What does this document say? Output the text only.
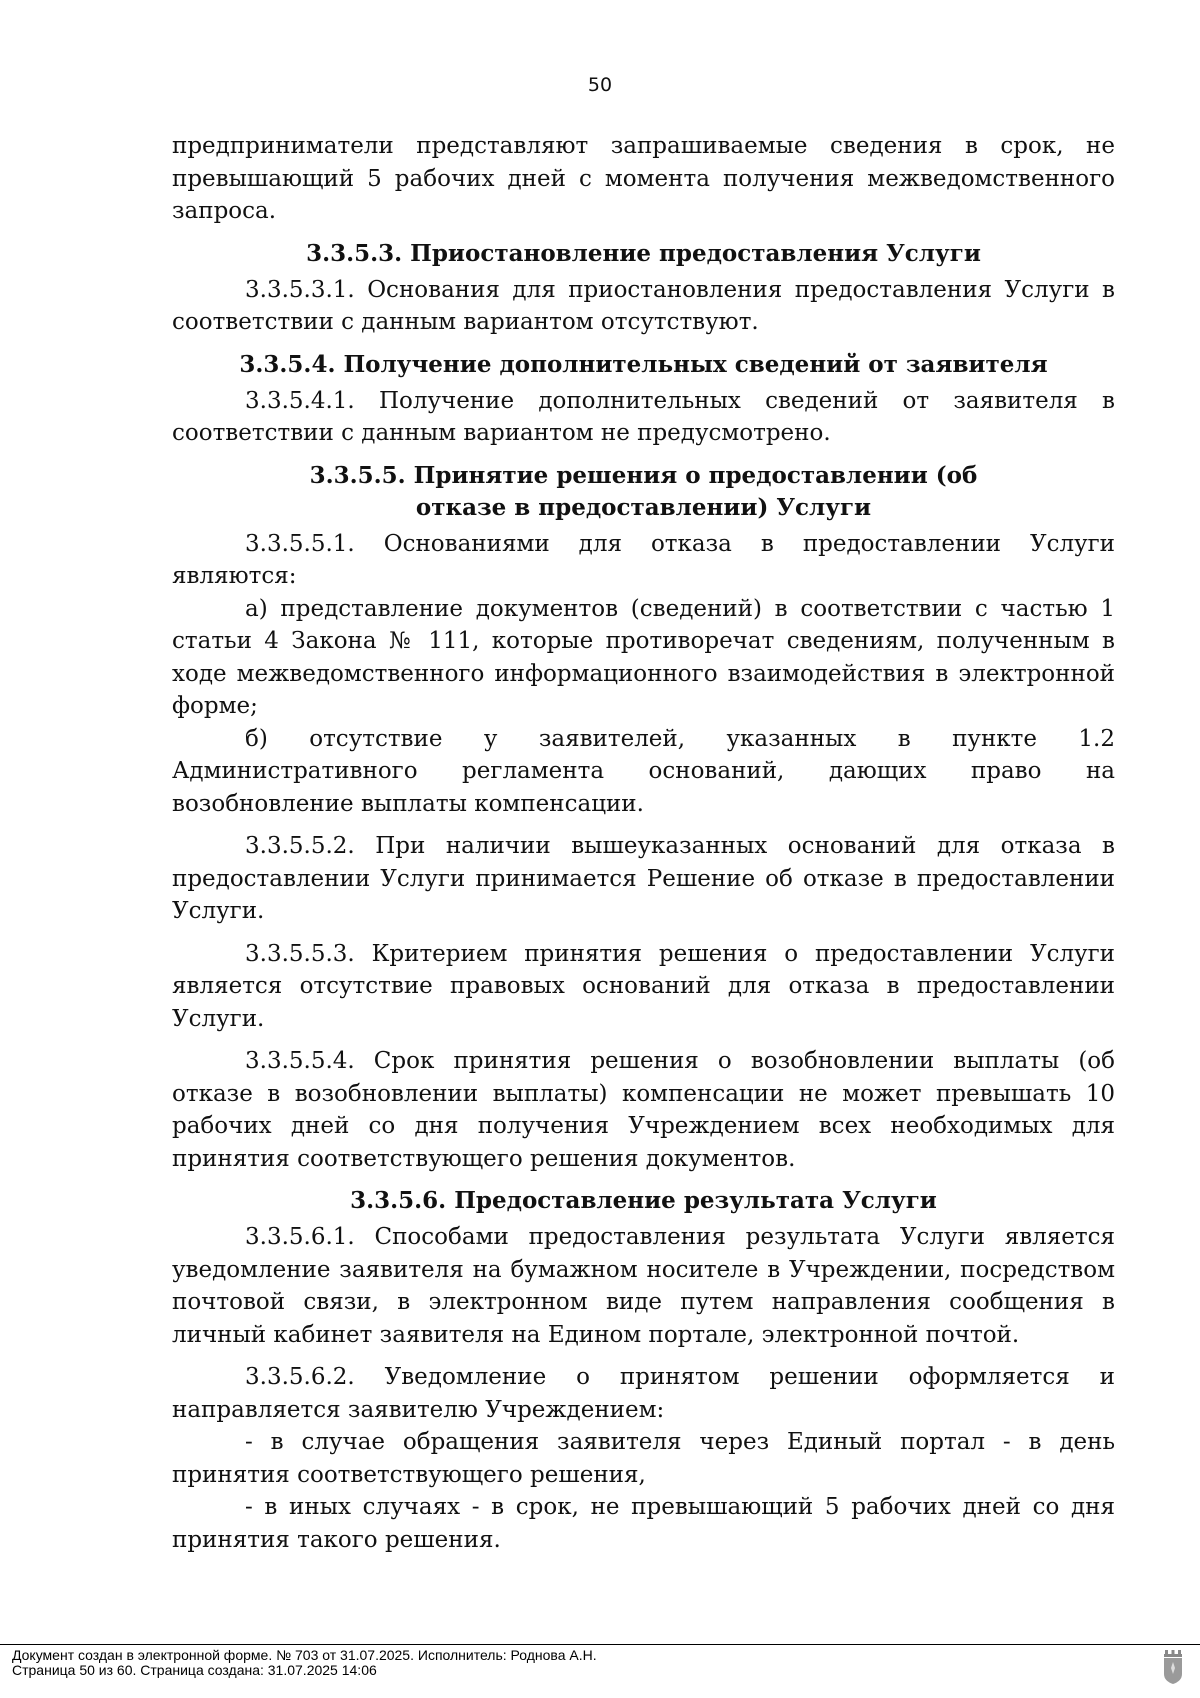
50

предприниматели представляют запрашиваемые сведения в срок, не превышающий 5 рабочих дней с момента получения межведомственного запроса.

3.3.5.3. Приостановление предоставления Услуги

3.3.5.3.1. Основания для приостановления предоставления Услуги в соответствии с данным вариантом отсутствуют.

3.3.5.4. Получение дополнительных сведений от заявителя

3.3.5.4.1. Получение дополнительных сведений от заявителя в соответствии с данным вариантом не предусмотрено.

3.3.5.5. Принятие решения о предоставлении (об отказе в предоставлении) Услуги

3.3.5.5.1. Основаниями для отказа в предоставлении Услуги являются:

а) представление документов (сведений) в соответствии с частью 1 статьи 4 Закона № 111, которые противоречат сведениям, полученным в ходе межведомственного информационного взаимодействия в электронной форме;

б) отсутствие у заявителей, указанных в пункте 1.2 Административного регламента оснований, дающих право на возобновление выплаты компенсации.

3.3.5.5.2. При наличии вышеуказанных оснований для отказа в предоставлении Услуги принимается Решение об отказе в предоставлении Услуги.

3.3.5.5.3. Критерием принятия решения о предоставлении Услуги является отсутствие правовых оснований для отказа в предоставлении Услуги.

3.3.5.5.4. Срок принятия решения о возобновлении выплаты (об отказе в возобновлении выплаты) компенсации не может превышать 10 рабочих дней со дня получения Учреждением всех необходимых для принятия соответствующего решения документов.

3.3.5.6. Предоставление результата Услуги

3.3.5.6.1. Способами предоставления результата Услуги является уведомление заявителя на бумажном носителе в Учреждении, посредством почтовой связи, в электронном виде путем направления сообщения в личный кабинет заявителя на Едином портале, электронной почтой.

3.3.5.6.2. Уведомление о принятом решении оформляется и направляется заявителю Учреждением:

- в случае обращения заявителя через Единый портал - в день принятия соответствующего решения,

- в иных случаях - в срок, не превышающий 5 рабочих дней со дня принятия такого решения.

Документ создан в электронной форме. № 703 от 31.07.2025. Исполнитель: Роднова А.Н.
Страница 50 из 60. Страница создана: 31.07.2025 14:06
